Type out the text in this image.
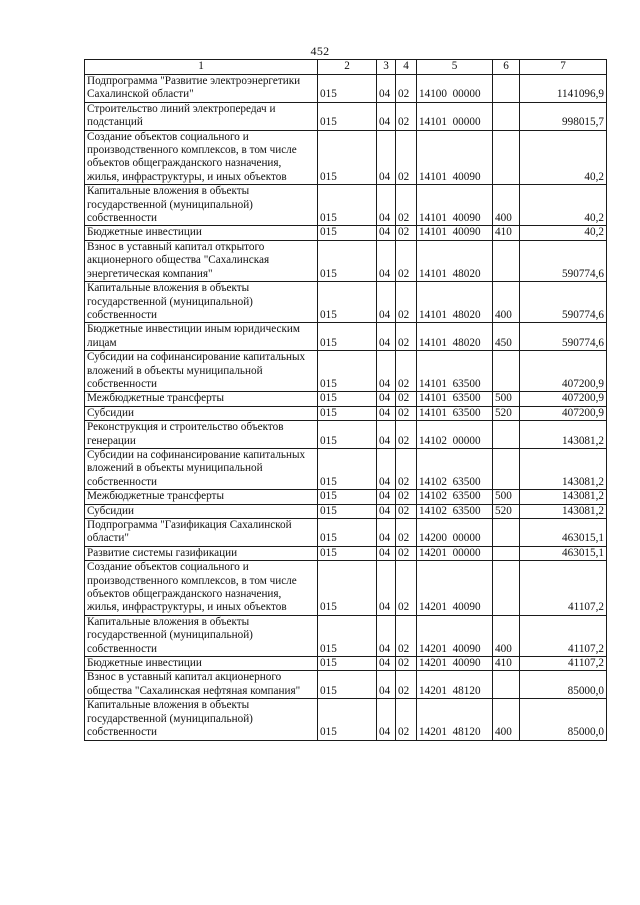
452
1	2	3	4	5	6	7
Подпрограмма "Развитие электроэнергетики Сахалинской области"	015	04	02	14100  00000		1141096,9
Строительство линий электропередач и подстанций	015	04	02	14101  00000		998015,7
Создание объектов социального и производственного комплексов, в том числе объектов общегражданского назначения, жилья, инфраструктуры, и иных объектов	015	04	02	14101  40090		40,2
Капитальные вложения в объекты государственной (муниципальной) собственности	015	04	02	14101  40090	400	40,2
Бюджетные инвестиции	015	04	02	14101  40090	410	40,2
Взнос в уставный капитал открытого акционерного общества "Сахалинская энергетическая компания"	015	04	02	14101  48020		590774,6
Капитальные вложения в объекты государственной (муниципальной) собственности	015	04	02	14101  48020	400	590774,6
Бюджетные инвестиции иным юридическим лицам	015	04	02	14101  48020	450	590774,6
Субсидии на софинансирование капитальных вложений в объекты муниципальной собственности	015	04	02	14101  63500		407200,9
Межбюджетные трансферты	015	04	02	14101  63500	500	407200,9
Субсидии	015	04	02	14101  63500	520	407200,9
Реконструкция и строительство объектов генерации	015	04	02	14102  00000		143081,2
Субсидии на софинансирование капитальных вложений в объекты муниципальной собственности	015	04	02	14102  63500		143081,2
Межбюджетные трансферты	015	04	02	14102  63500	500	143081,2
Субсидии	015	04	02	14102  63500	520	143081,2
Подпрограмма "Газификация Сахалинской области"	015	04	02	14200  00000		463015,1
Развитие системы газификации	015	04	02	14201  00000		463015,1
Создание объектов социального и производственного комплексов, в том числе объектов общегражданского назначения, жилья, инфраструктуры, и иных объектов	015	04	02	14201  40090		41107,2
Капитальные вложения в объекты государственной (муниципальной) собственности	015	04	02	14201  40090	400	41107,2
Бюджетные инвестиции	015	04	02	14201  40090	410	41107,2
Взнос в уставный капитал акционерного общества "Сахалинская нефтяная компания"	015	04	02	14201  48120		85000,0
Капитальные вложения в объекты государственной (муниципальной) собственности	015	04	02	14201  48120	400	85000,0
